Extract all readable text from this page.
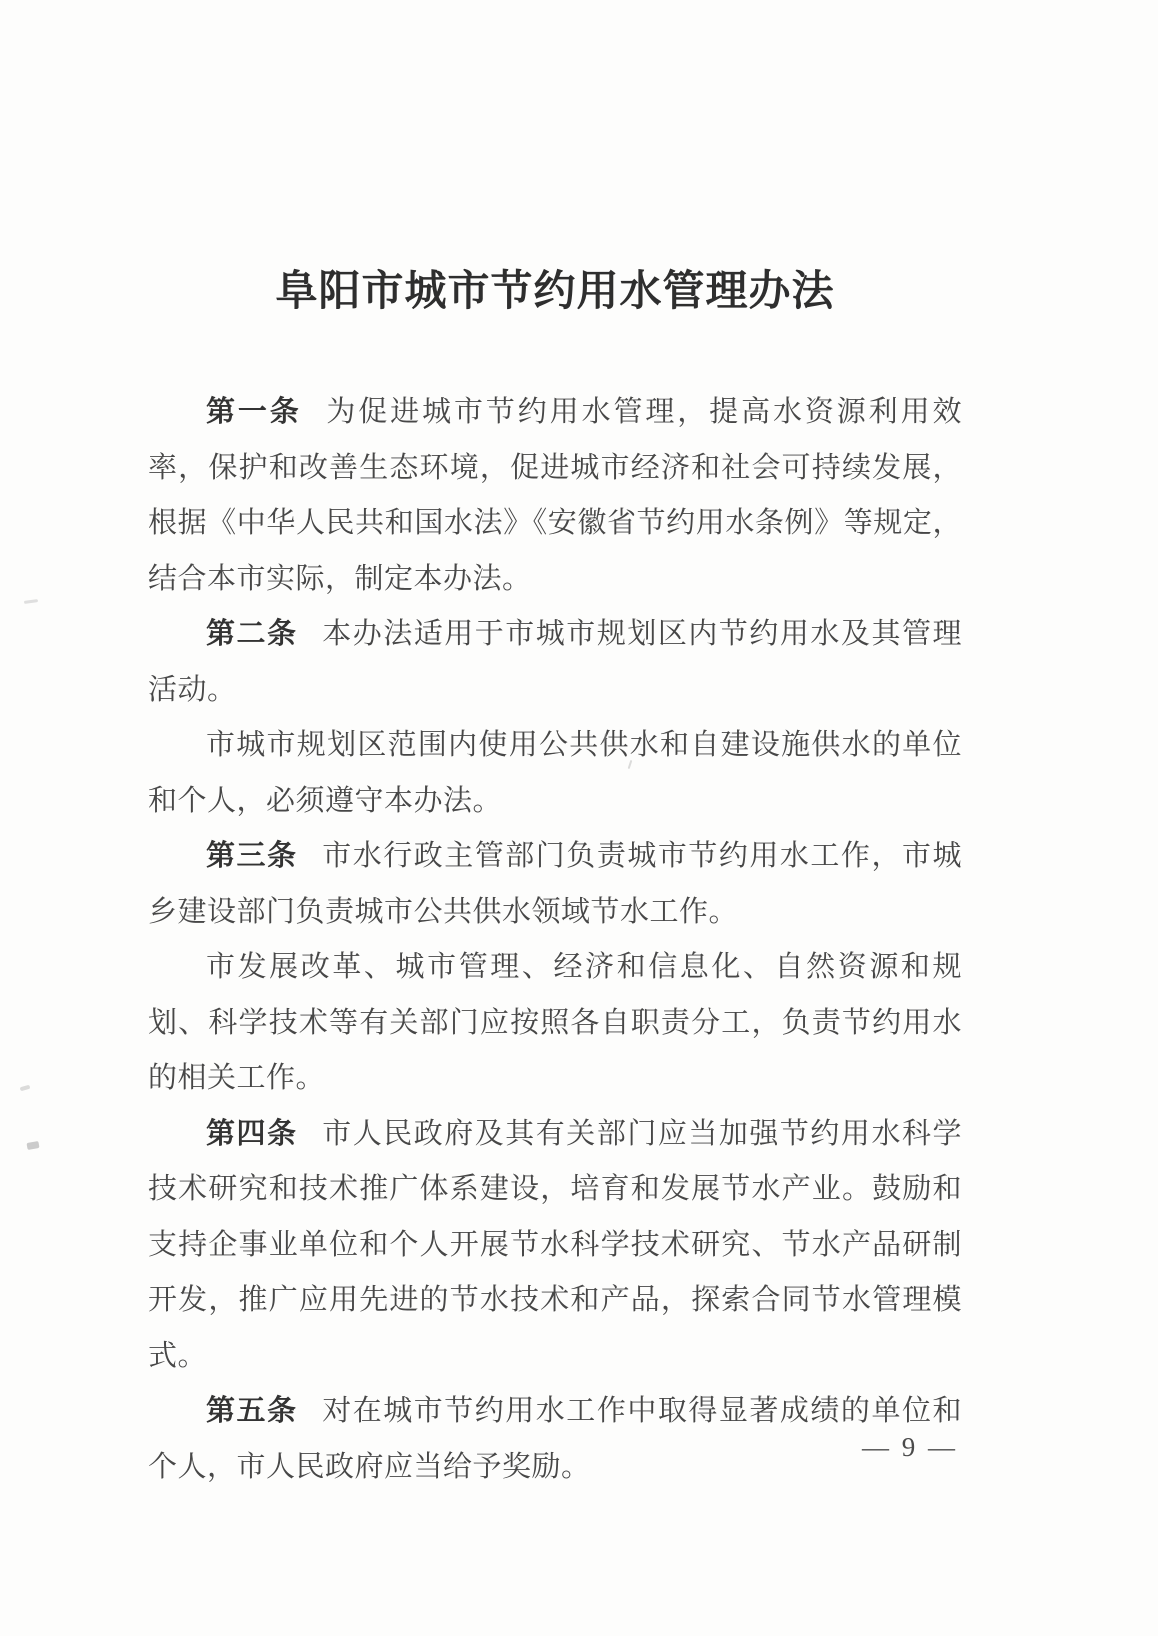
阜阳市城市节约用水管理办法

第一条 为促进城市节约用水管理，提高水资源利用效率，保护和改善生态环境，促进城市经济和社会可持续发展，根据《中华人民共和国水法》《安徽省节约用水条例》等规定，结合本市实际，制定本办法。

第二条 本办法适用于市城市规划区内节约用水及其管理活动。

市城市规划区范围内使用公共供水和自建设施供水的单位和个人，必须遵守本办法。

第三条 市水行政主管部门负责城市节约用水工作，市城乡建设部门负责城市公共供水领域节水工作。

市发展改革、城市管理、经济和信息化、自然资源和规划、科学技术等有关部门应按照各自职责分工，负责节约用水的相关工作。

第四条 市人民政府及其有关部门应当加强节约用水科学技术研究和技术推广体系建设，培育和发展节水产业。鼓励和支持企事业单位和个人开展节水科学技术研究、节水产品研制开发，推广应用先进的节水技术和产品，探索合同节水管理模式。

第五条 对在城市节约用水工作中取得显著成绩的单位和个人，市人民政府应当给予奖励。

— 9 —
